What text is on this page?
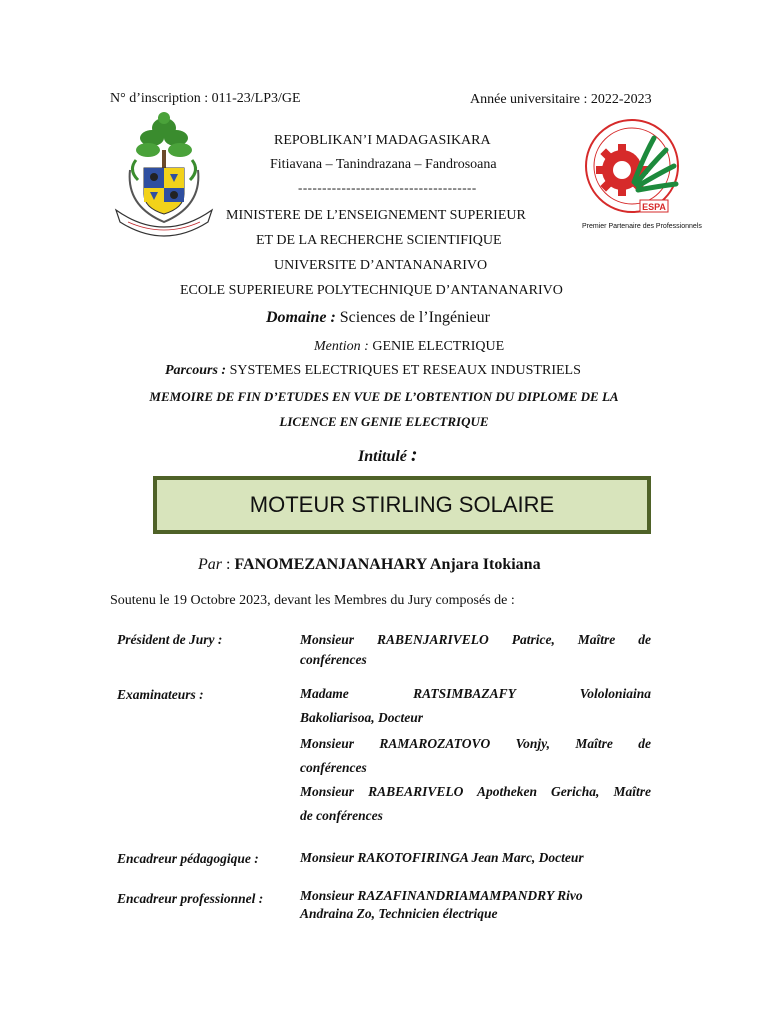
N° d’inscription : 011-23/LP3/GE	Année universitaire : 2022-2023
ESPA
Premier Partenaire des Professionnels
REPOBLIKAN’I MADAGASIKARA
Fitiavana – Tanindrazana – Fandrosoana
-------------------------------------
MINISTERE DE L’ENSEIGNEMENT SUPERIEUR
ET DE LA RECHERCHE SCIENTIFIQUE
UNIVERSITE D’ANTANANARIVO
ECOLE SUPERIEURE POLYTECHNIQUE D’ANTANANARIVO
Domaine : Sciences de l’Ingénieur
Mention : GENIE ELECTRIQUE
Parcours : SYSTEMES ELECTRIQUES ET RESEAUX INDUSTRIELS
MEMOIRE DE FIN D’ETUDES EN VUE DE L’OBTENTION DU DIPLOME DE LA
LICENCE EN GENIE ELECTRIQUE
Intitulé :
MOTEUR STIRLING SOLAIRE
Par : FANOMEZANJANAHARY Anjara Itokiana
Soutenu le 19 Octobre 2023, devant les Membres du Jury composés de :
Président de Jury :	Monsieur RABENJARIVELO Patrice, Maître de
conférences
Examinateurs :	Madame RATSIMBAZAFY Vololoniaina
Bakoliarisoa, Docteur
Monsieur RAMAROZATOVO Vonjy, Maître de
conférences
Monsieur RABEARIVELO Apotheken Gericha, Maître
de conférences
Encadreur pédagogique :	Monsieur RAKOTOFIRINGA Jean Marc, Docteur
Encadreur professionnel :	Monsieur RAZAFINANDRIAMAMPANDRY Rivo
Andraina Zo, Technicien électrique
